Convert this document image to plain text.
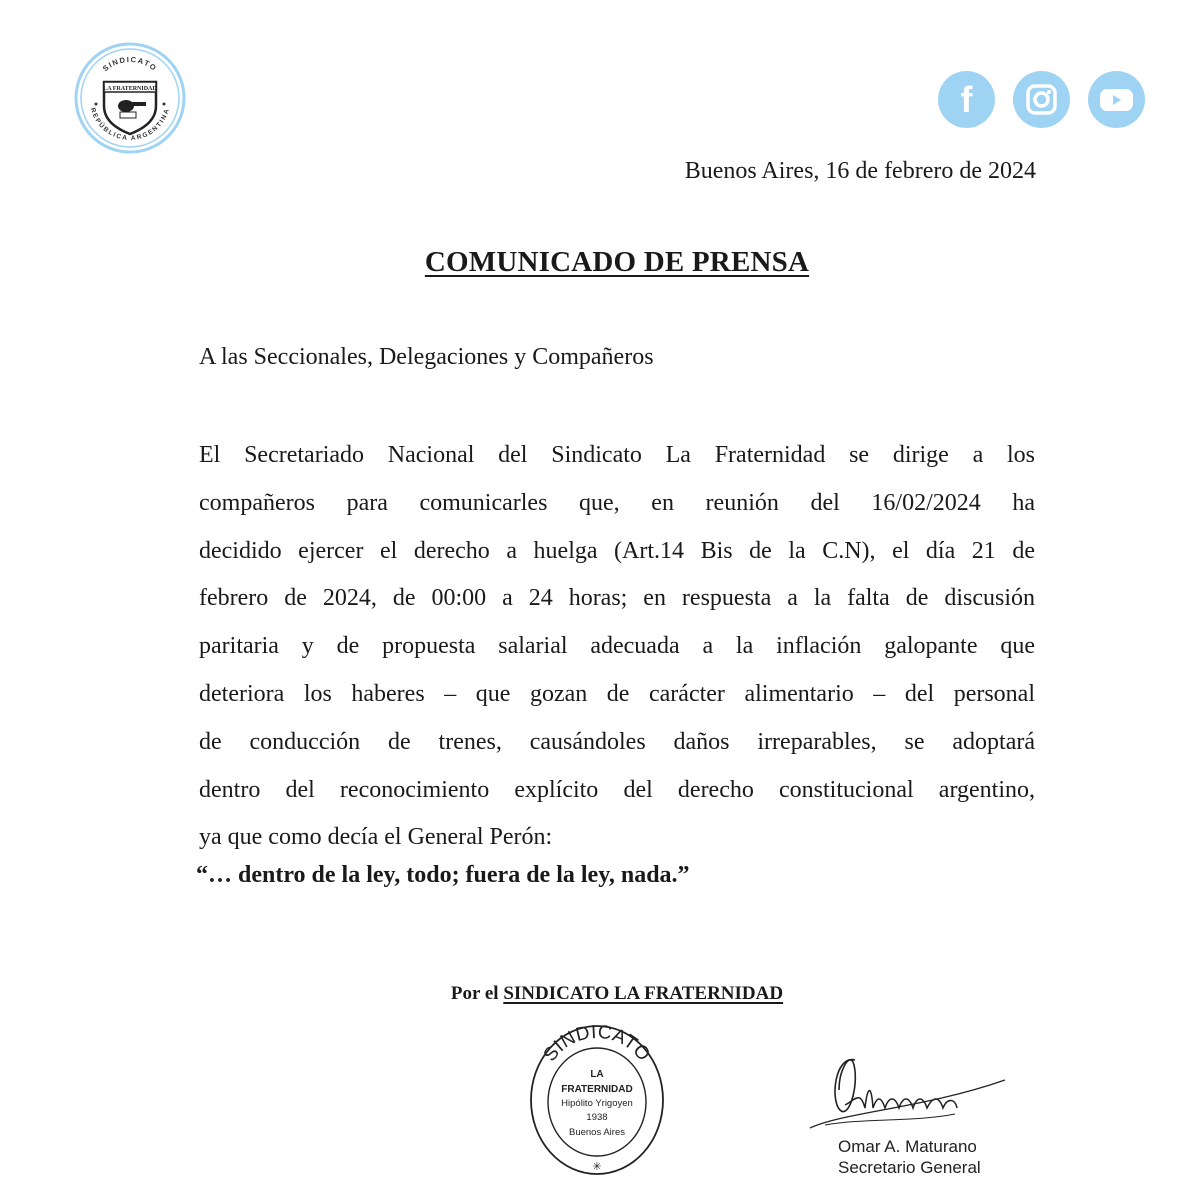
SINDICATO
REPÚBLICA ARGENTINA
LA FRATERNIDAD	f
Buenos Aires, 16 de febrero de 2024
COMUNICADO DE PRENSA
A las Seccionales, Delegaciones y Compañeros
El Secretariado Nacional del Sindicato La Fraternidad se dirige a los
compañeros para comunicarles que, en reunión del 16/02/2024 ha
decidido ejercer el derecho a huelga (Art.14 Bis de la C.N), el día 21 de
febrero de 2024, de 00:00 a 24 horas; en respuesta a la falta de discusión
paritaria y de propuesta salarial adecuada a la inflación galopante que
deteriora los haberes – que gozan de carácter alimentario – del personal
de conducción de trenes, causándoles daños irreparables, se adoptará
dentro del reconocimiento explícito del derecho constitucional argentino,
ya que como decía el General Perón:
“… dentro de la ley, todo; fuera de la ley, nada.”
Por el SINDICATO LA FRATERNIDAD
SINDICATO
LA
FRATERNIDAD
Hipólito Yrigoyen
1938
Buenos Aires
✳
Omar A. Maturano
Secretario General
